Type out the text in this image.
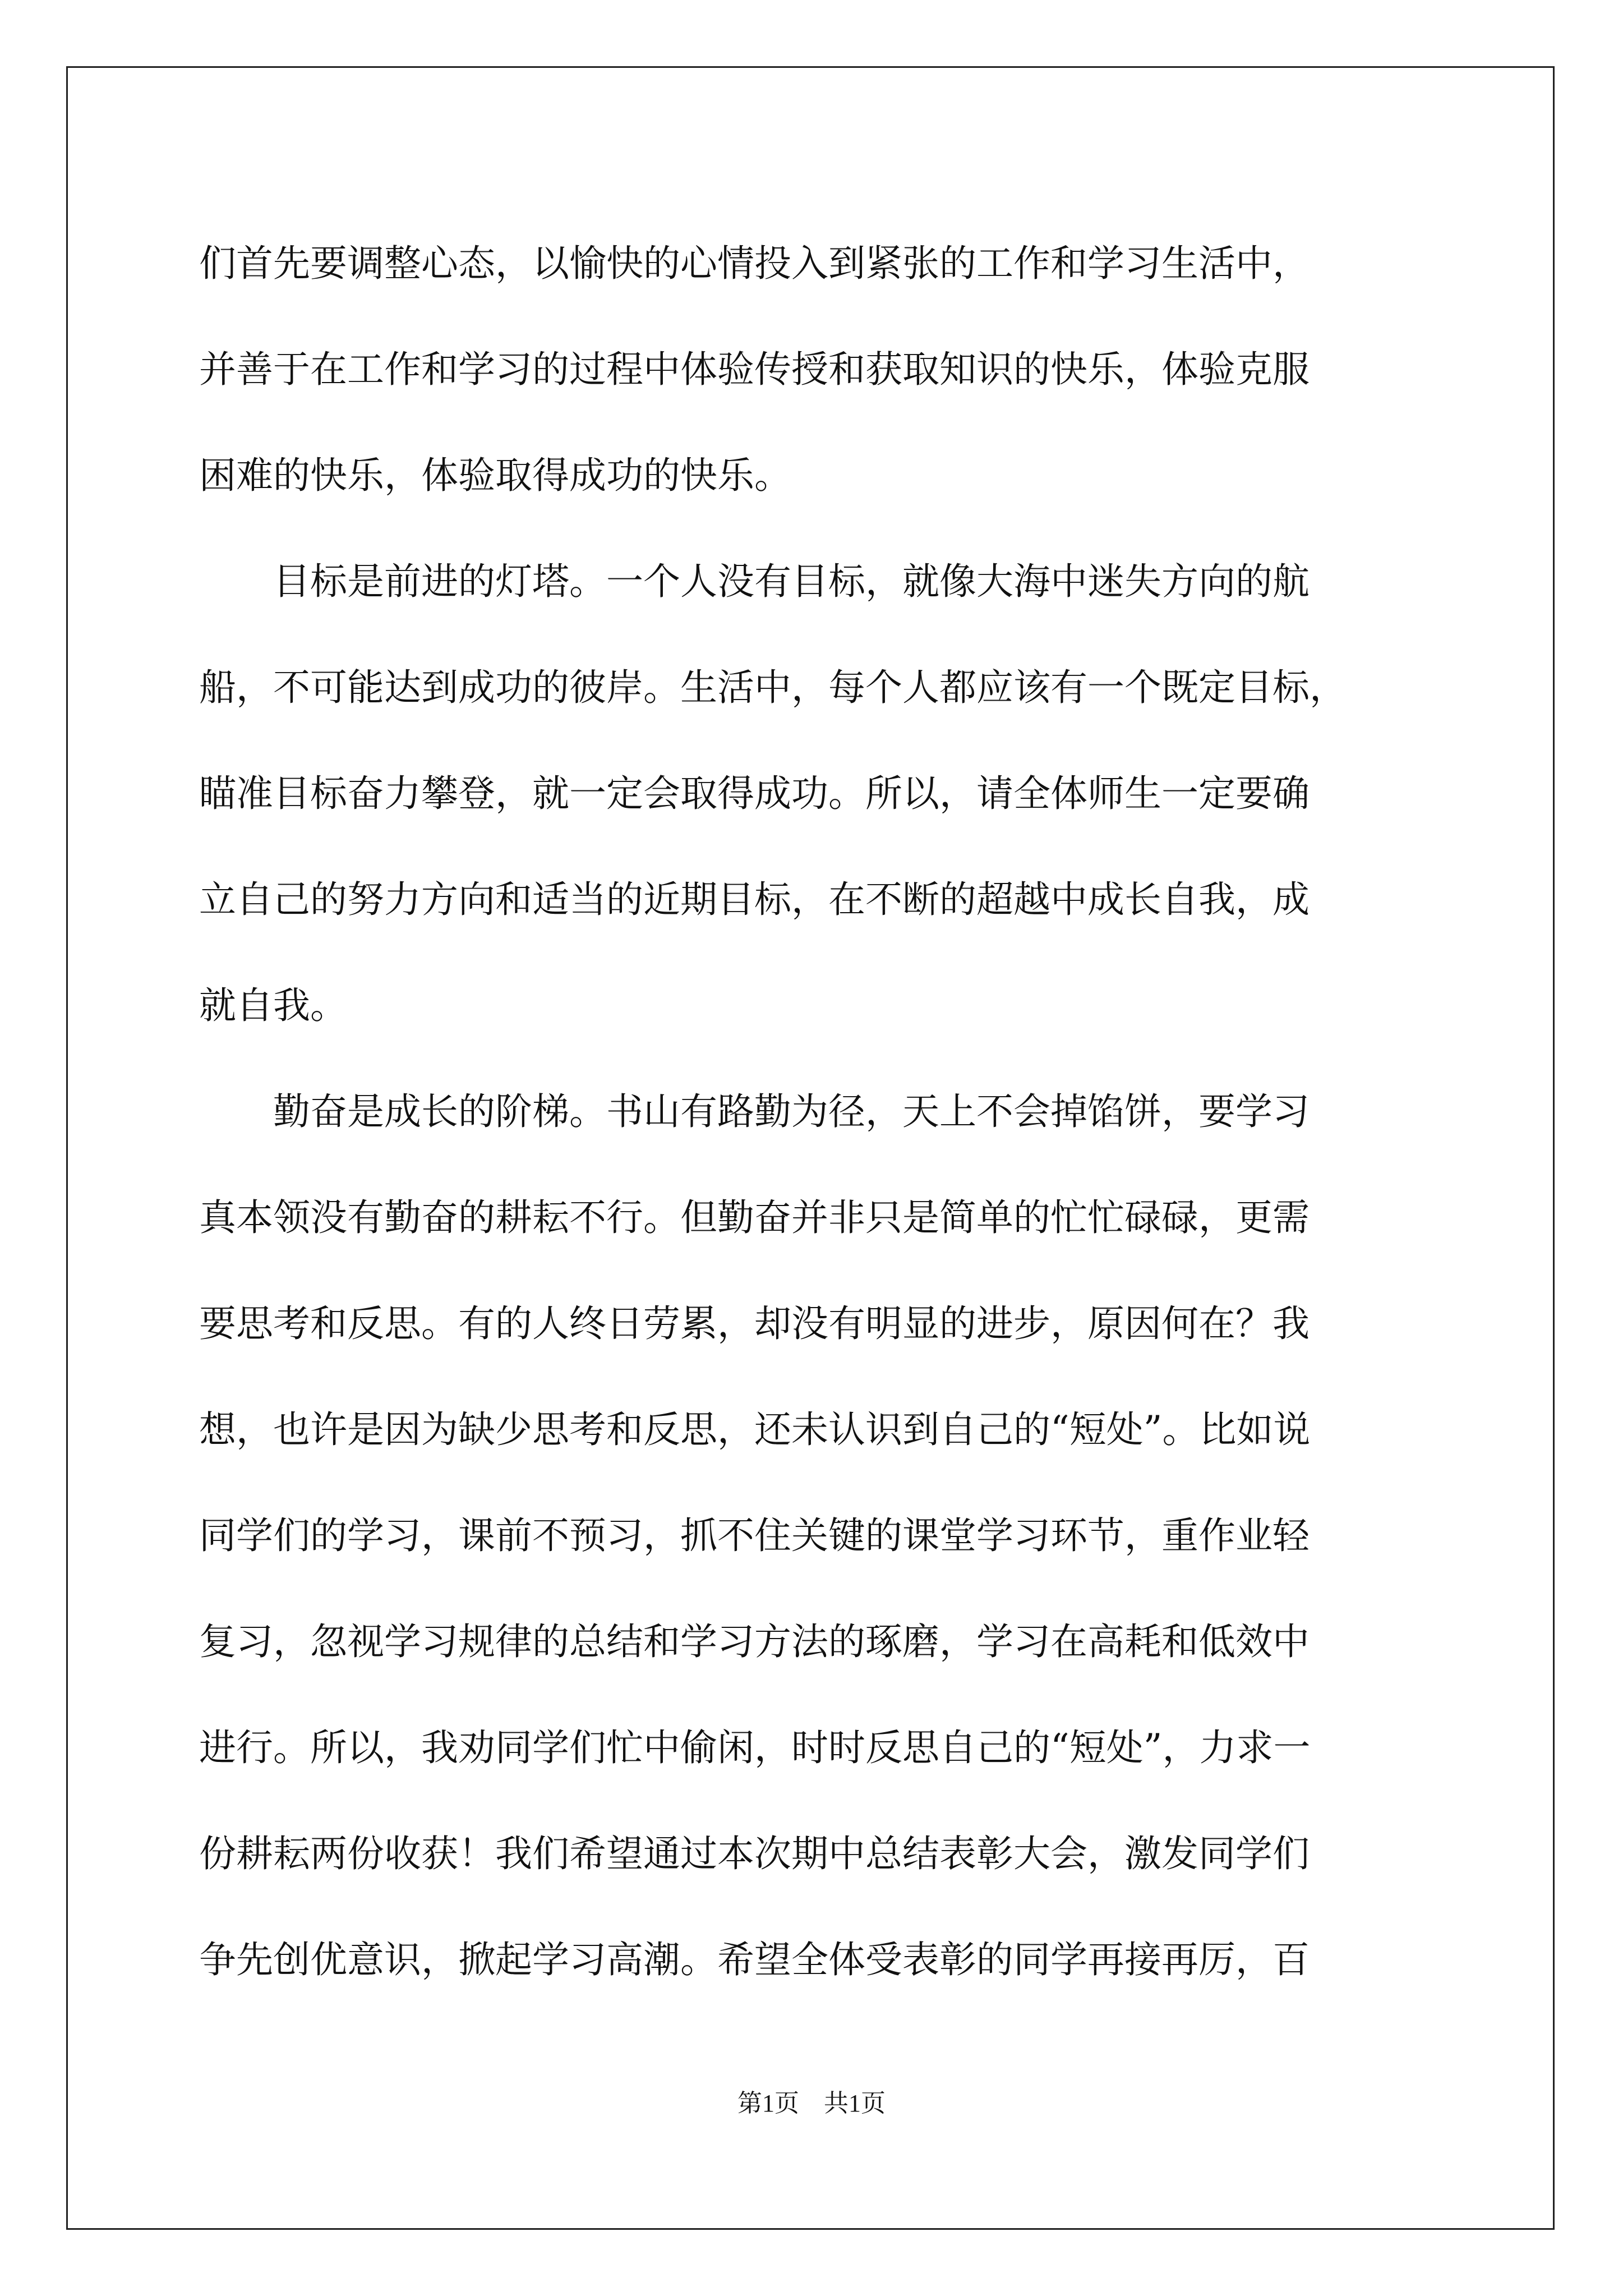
们首先要调整心态，以愉快的心情投入到紧张的工作和学习生活中，
并善于在工作和学习的过程中体验传授和获取知识的快乐，体验克服
困难的快乐，体验取得成功的快乐。
　　目标是前进的灯塔。一个人没有目标，就像大海中迷失方向的航
船，不可能达到成功的彼岸。生活中，每个人都应该有一个既定目标，
瞄准目标奋力攀登，就一定会取得成功。所以，请全体师生一定要确
立自己的努力方向和适当的近期目标，在不断的超越中成长自我，成
就自我。
　　勤奋是成长的阶梯。书山有路勤为径，天上不会掉馅饼，要学习
真本领没有勤奋的耕耘不行。但勤奋并非只是简单的忙忙碌碌，更需
要思考和反思。有的人终日劳累，却没有明显的进步，原因何在？我
想，也许是因为缺少思考和反思，还未认识到自己的“短处”。比如说
同学们的学习，课前不预习，抓不住关键的课堂学习环节，重作业轻
复习，忽视学习规律的总结和学习方法的琢磨，学习在高耗和低效中
进行。所以，我劝同学们忙中偷闲，时时反思自己的“短处”，力求一
份耕耘两份收获！我们希望通过本次期中总结表彰大会，激发同学们
争先创优意识，掀起学习高潮。希望全体受表彰的同学再接再厉，百
第1页　共1页
